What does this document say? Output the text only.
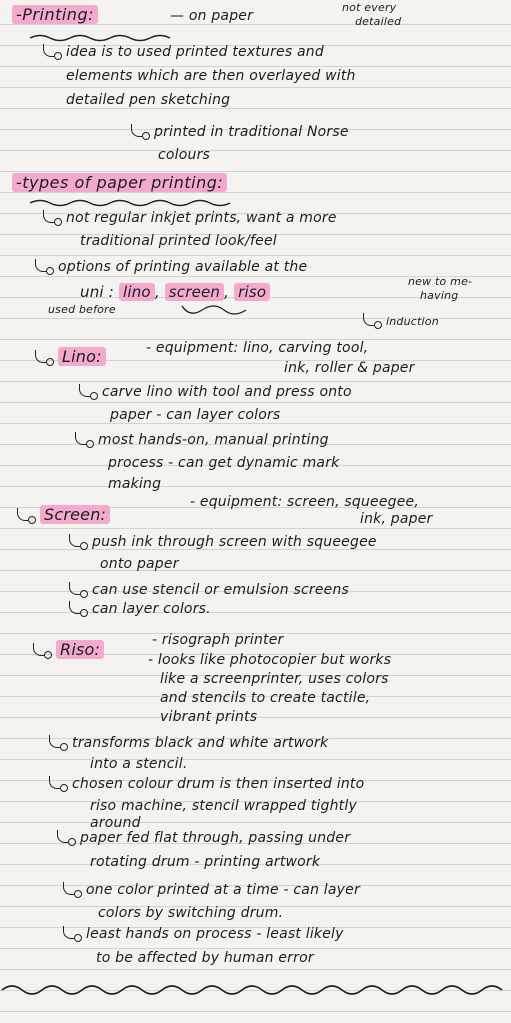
-Printing:	— on paper
not every
detailed
idea is to used printed textures and
elements which are then overlayed with
detailed pen sketching
printed in traditional Norse
colours
-types of paper printing:
not regular inkjet prints, want a more
traditional printed look/feel
options of printing available at the
uni : lino , screen , riso
new to me-
having
used before
induction
Lino:	- equipment: lino, carving tool,
ink, roller & paper
carve lino with tool and press onto
paper - can layer colors
most hands-on, manual printing
process - can get dynamic mark
making
Screen:
- equipment: screen, squeegee,
ink, paper
push ink through screen with squeegee
onto paper
can use stencil or emulsion screens
can layer colors.
Riso:	- risograph printer
- looks like photocopier but works
like a screenprinter, uses colors
and stencils to create tactile,
vibrant prints
transforms black and white artwork
into a stencil.
chosen colour drum is then inserted into
riso machine, stencil wrapped tightly
around
paper fed flat through, passing under
rotating drum - printing artwork
one color printed at a time - can layer
colors by switching drum.
least hands on process - least likely
to be affected by human error
